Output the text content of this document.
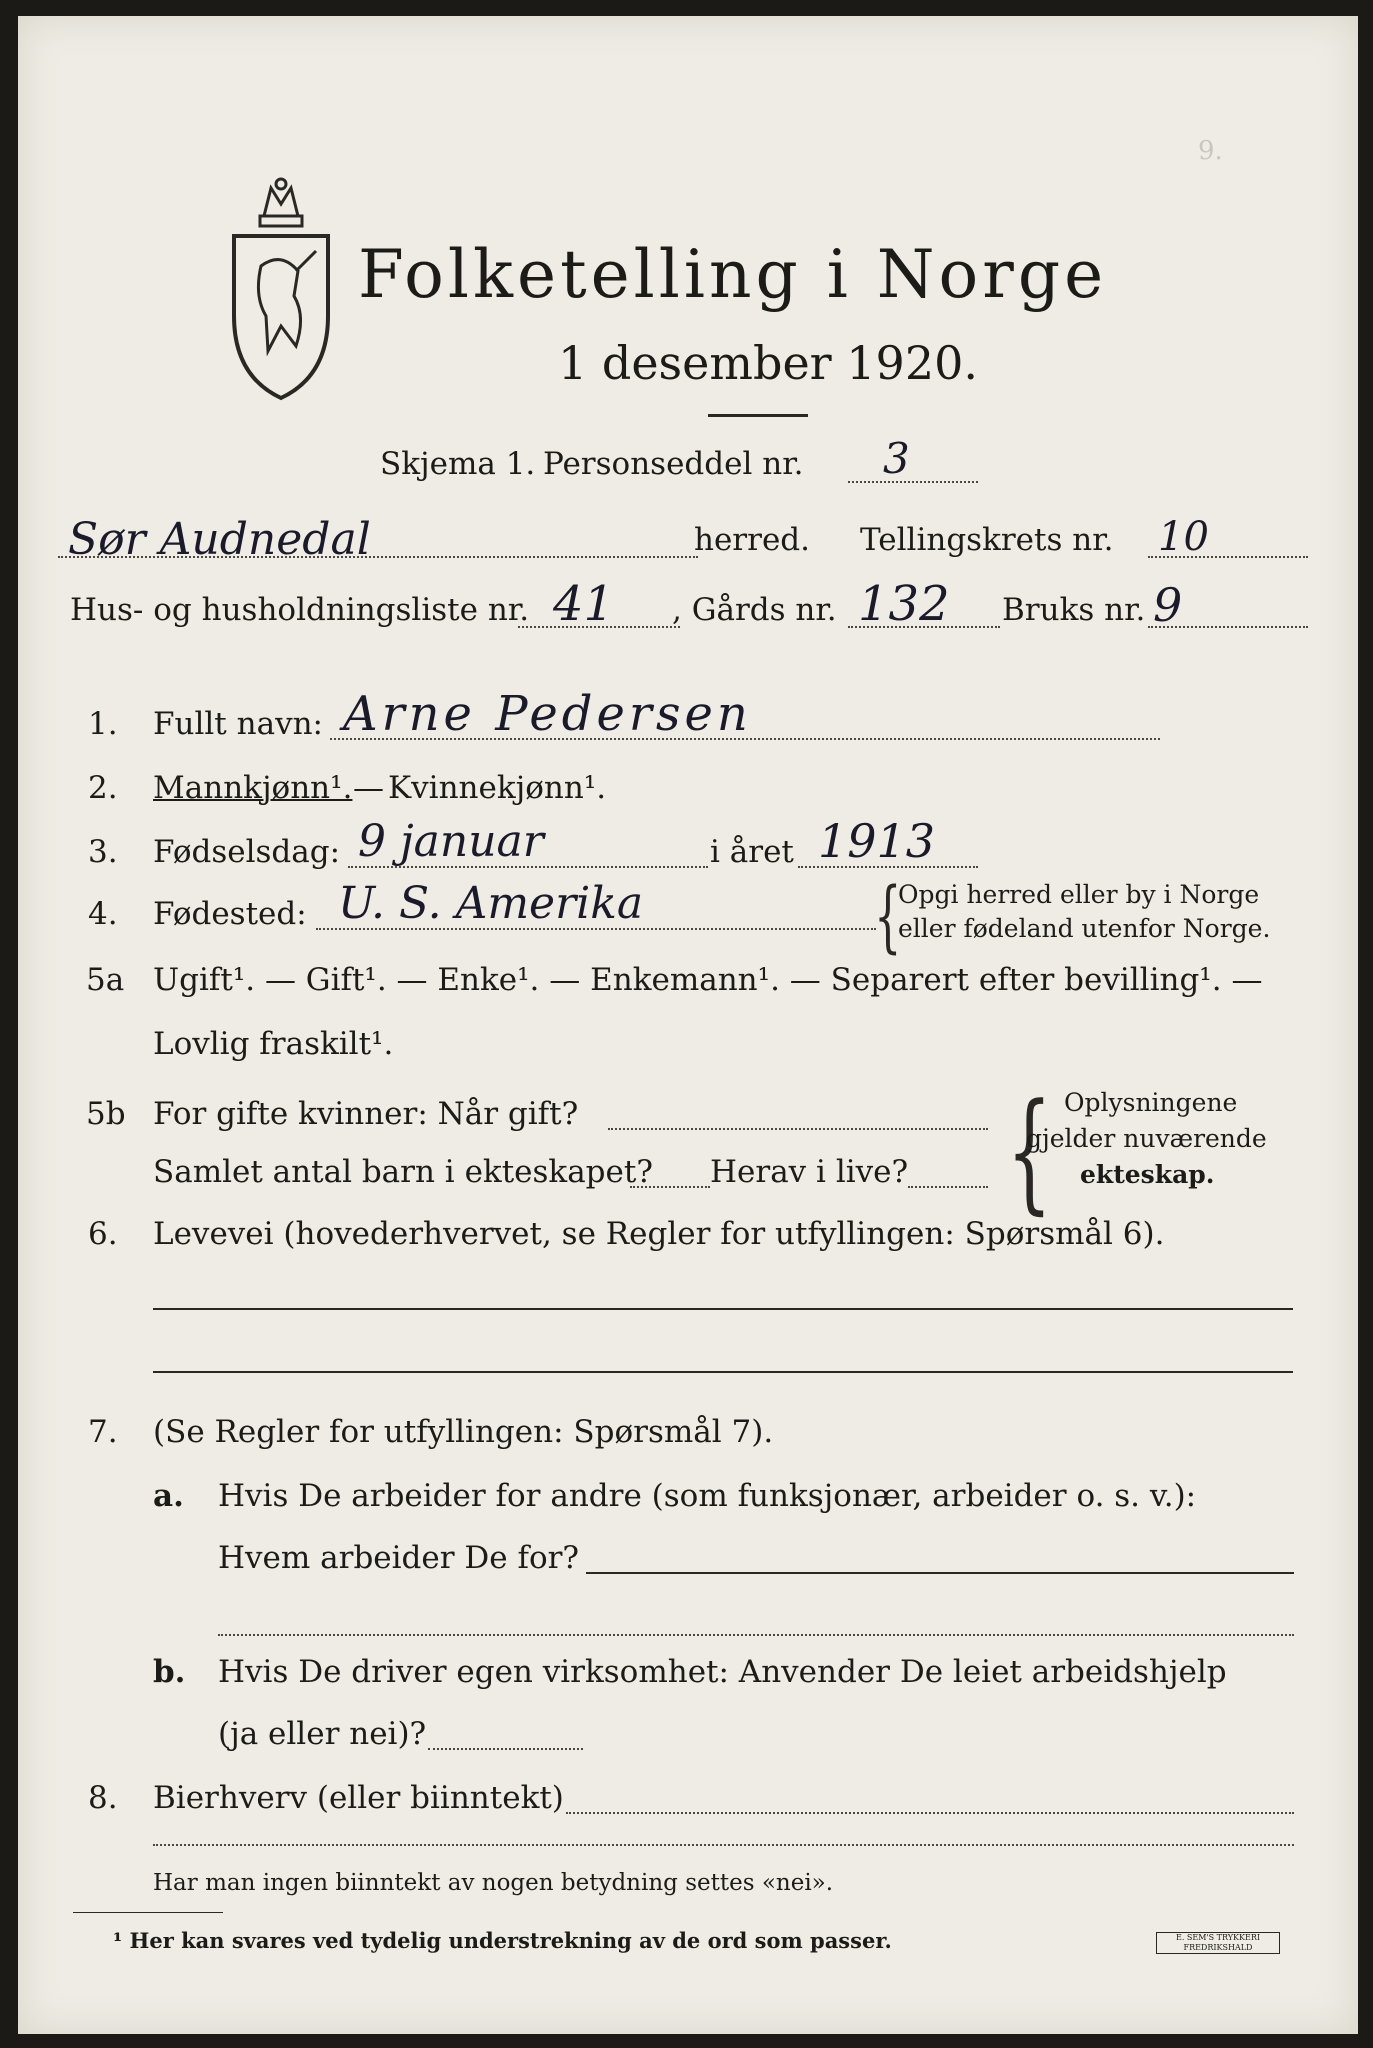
9.
Folketelling i Norge
1 desember 1920.
Skjema 1. Personseddel nr. 3
Sør Audnedal	herred. Tellingskrets nr. 10
Hus- og husholdningsliste nr. 41 , Gårds nr. 132 Bruks nr. 9
1. Fullt navn: Arne Pedersen
2. Mannkjønn¹. — Kvinnekjønn¹.
3. Fødselsdag: 9 januar	i året 1913
4. Fødested: U. S. Amerika	{
Opgi herred eller by i Norge
eller fødeland utenfor Norge.
5a Ugift¹. — Gift¹. — Enke¹. — Enkemann¹. — Separert efter bevilling¹. —
Lovlig fraskilt¹.
5b For gifte kvinner: Når gift?
Samlet antal barn i ekteskapet? Herav i live? { Oplysningene
gjelder nuværende
ekteskap.
6. Levevei (hovederhvervet, se Regler for utfyllingen: Spørsmål 6).
7. (Se Regler for utfyllingen: Spørsmål 7).
a. Hvis De arbeider for andre (som funksjonær, arbeider o. s. v.):
Hvem arbeider De for?
b. Hvis De driver egen virksomhet: Anvender De leiet arbeidshjelp
(ja eller nei)?
8. Bierhverv (eller biinntekt)
Har man ingen biinntekt av nogen betydning settes «nei».
¹ Her kan svares ved tydelig understrekning av de ord som passer.	E. SEM'S TRYKKERI FREDRIKSHALD
